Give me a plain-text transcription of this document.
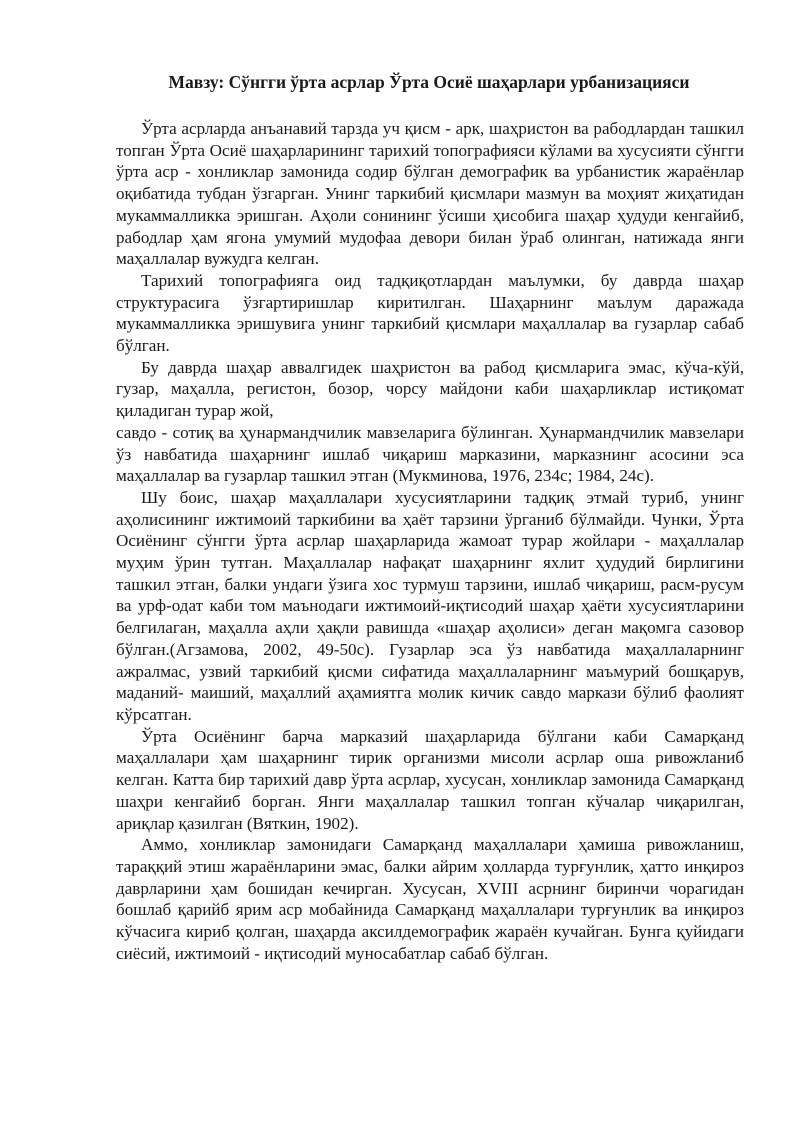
Мавзу: Сўнгги ўрта асрлар Ўрта Осиё шаҳарлари урбанизацияси

Ўрта асрларда анъанавий тарзда уч қисм - арк, шаҳристон ва рабодлардан ташкил топган Ўрта Осиё шаҳарларининг тарихий топографияси кўлами ва хусусияти сўнгги ўрта аср - хонликлар замонида содир бўлган демографик ва урбанистик жараёнлар оқибатида тубдан ўзгарган. Унинг таркибий қисмлари мазмун ва моҳият жиҳатидан мукаммалликка эришган. Аҳоли сонининг ўсиши ҳисобига шаҳар ҳудуди кенгайиб, рабодлар ҳам ягона умумий мудофаа девори билан ўраб олинган, натижада янги маҳаллалар вужудга келган.

Тарихий топографияга оид тадқиқотлардан маълумки, бу даврда шаҳар структурасига ўзгартиришлар киритилган. Шаҳарнинг маълум даражада мукаммалликка эришувига унинг таркибий қисмлари маҳаллалар ва гузарлар сабаб бўлган.

Бу даврда шаҳар аввалгидек шаҳристон ва рабод қисмларига эмас, кўча-кўй, гузар, маҳалла, регистон, бозор, чорсу майдони каби шаҳарликлар истиқомат қиладиган турар жой,

савдо - сотиқ ва ҳунармандчилик мавзеларига бўлинган. Ҳунармандчилик мавзелари ўз навбатида шаҳарнинг ишлаб чиқариш марказини, марказнинг асосини эса маҳаллалар ва гузарлар ташкил этган (Мукминова, 1976, 234с; 1984, 24с).

Шу боис, шаҳар маҳаллалари хусусиятларини тадқиқ этмай туриб, унинг аҳолисининг ижтимоий таркибини ва ҳаёт тарзини ўрганиб бўлмайди. Чунки, Ўрта Осиёнинг сўнгги ўрта асрлар шаҳарларида жамоат турар жойлари - маҳаллалар муҳим ўрин тутган. Маҳаллалар нафақат шаҳарнинг яхлит ҳудудий бирлигини ташкил этган, балки ундаги ўзига хос турмуш тарзини, ишлаб чиқариш, расм-русум ва урф-одат каби том маънодаги ижтимоий-иқтисодий шаҳар ҳаёти хусусиятларини белгилаган, маҳалла аҳли ҳақли равишда «шаҳар аҳолиси» деган мақомга сазовор бўлган.(Агзамова, 2002, 49-50с). Гузарлар эса ўз навбатида маҳаллаларнинг ажралмас, узвий таркибий қисми сифатида маҳаллаларнинг маъмурий бошқарув, маданий- маиший, маҳаллий аҳамиятга молик кичик савдо маркази бўлиб фаолият кўрсатган.

Ўрта Осиёнинг барча марказий шаҳарларида бўлгани каби Самарқанд маҳаллалари ҳам шаҳарнинг тирик организми мисоли асрлар оша ривожланиб келган. Катта бир тарихий давр ўрта асрлар, хусусан, хонликлар замонида Самарқанд шаҳри кенгайиб борган. Янги маҳаллалар ташкил топган кўчалар чиқарилган, ариқлар қазилган (Вяткин, 1902).

Аммо, хонликлар замонидаги Самарқанд маҳаллалари ҳамиша ривожланиш, тараққий этиш жараёнларини эмас, балки айрим ҳолларда турғунлик, ҳатто инқироз даврларини ҳам бошидан кечирган. Хусусан, XVIII асрнинг биринчи чорагидан бошлаб қарийб ярим аср мобайнида Самарқанд маҳаллалари турғунлик ва инқироз кўчасига кириб қолган, шаҳарда аксилдемографик жараён кучайган. Бунга қуйидаги сиёсий, ижтимоий - иқтисодий муносабатлар сабаб бўлган.
